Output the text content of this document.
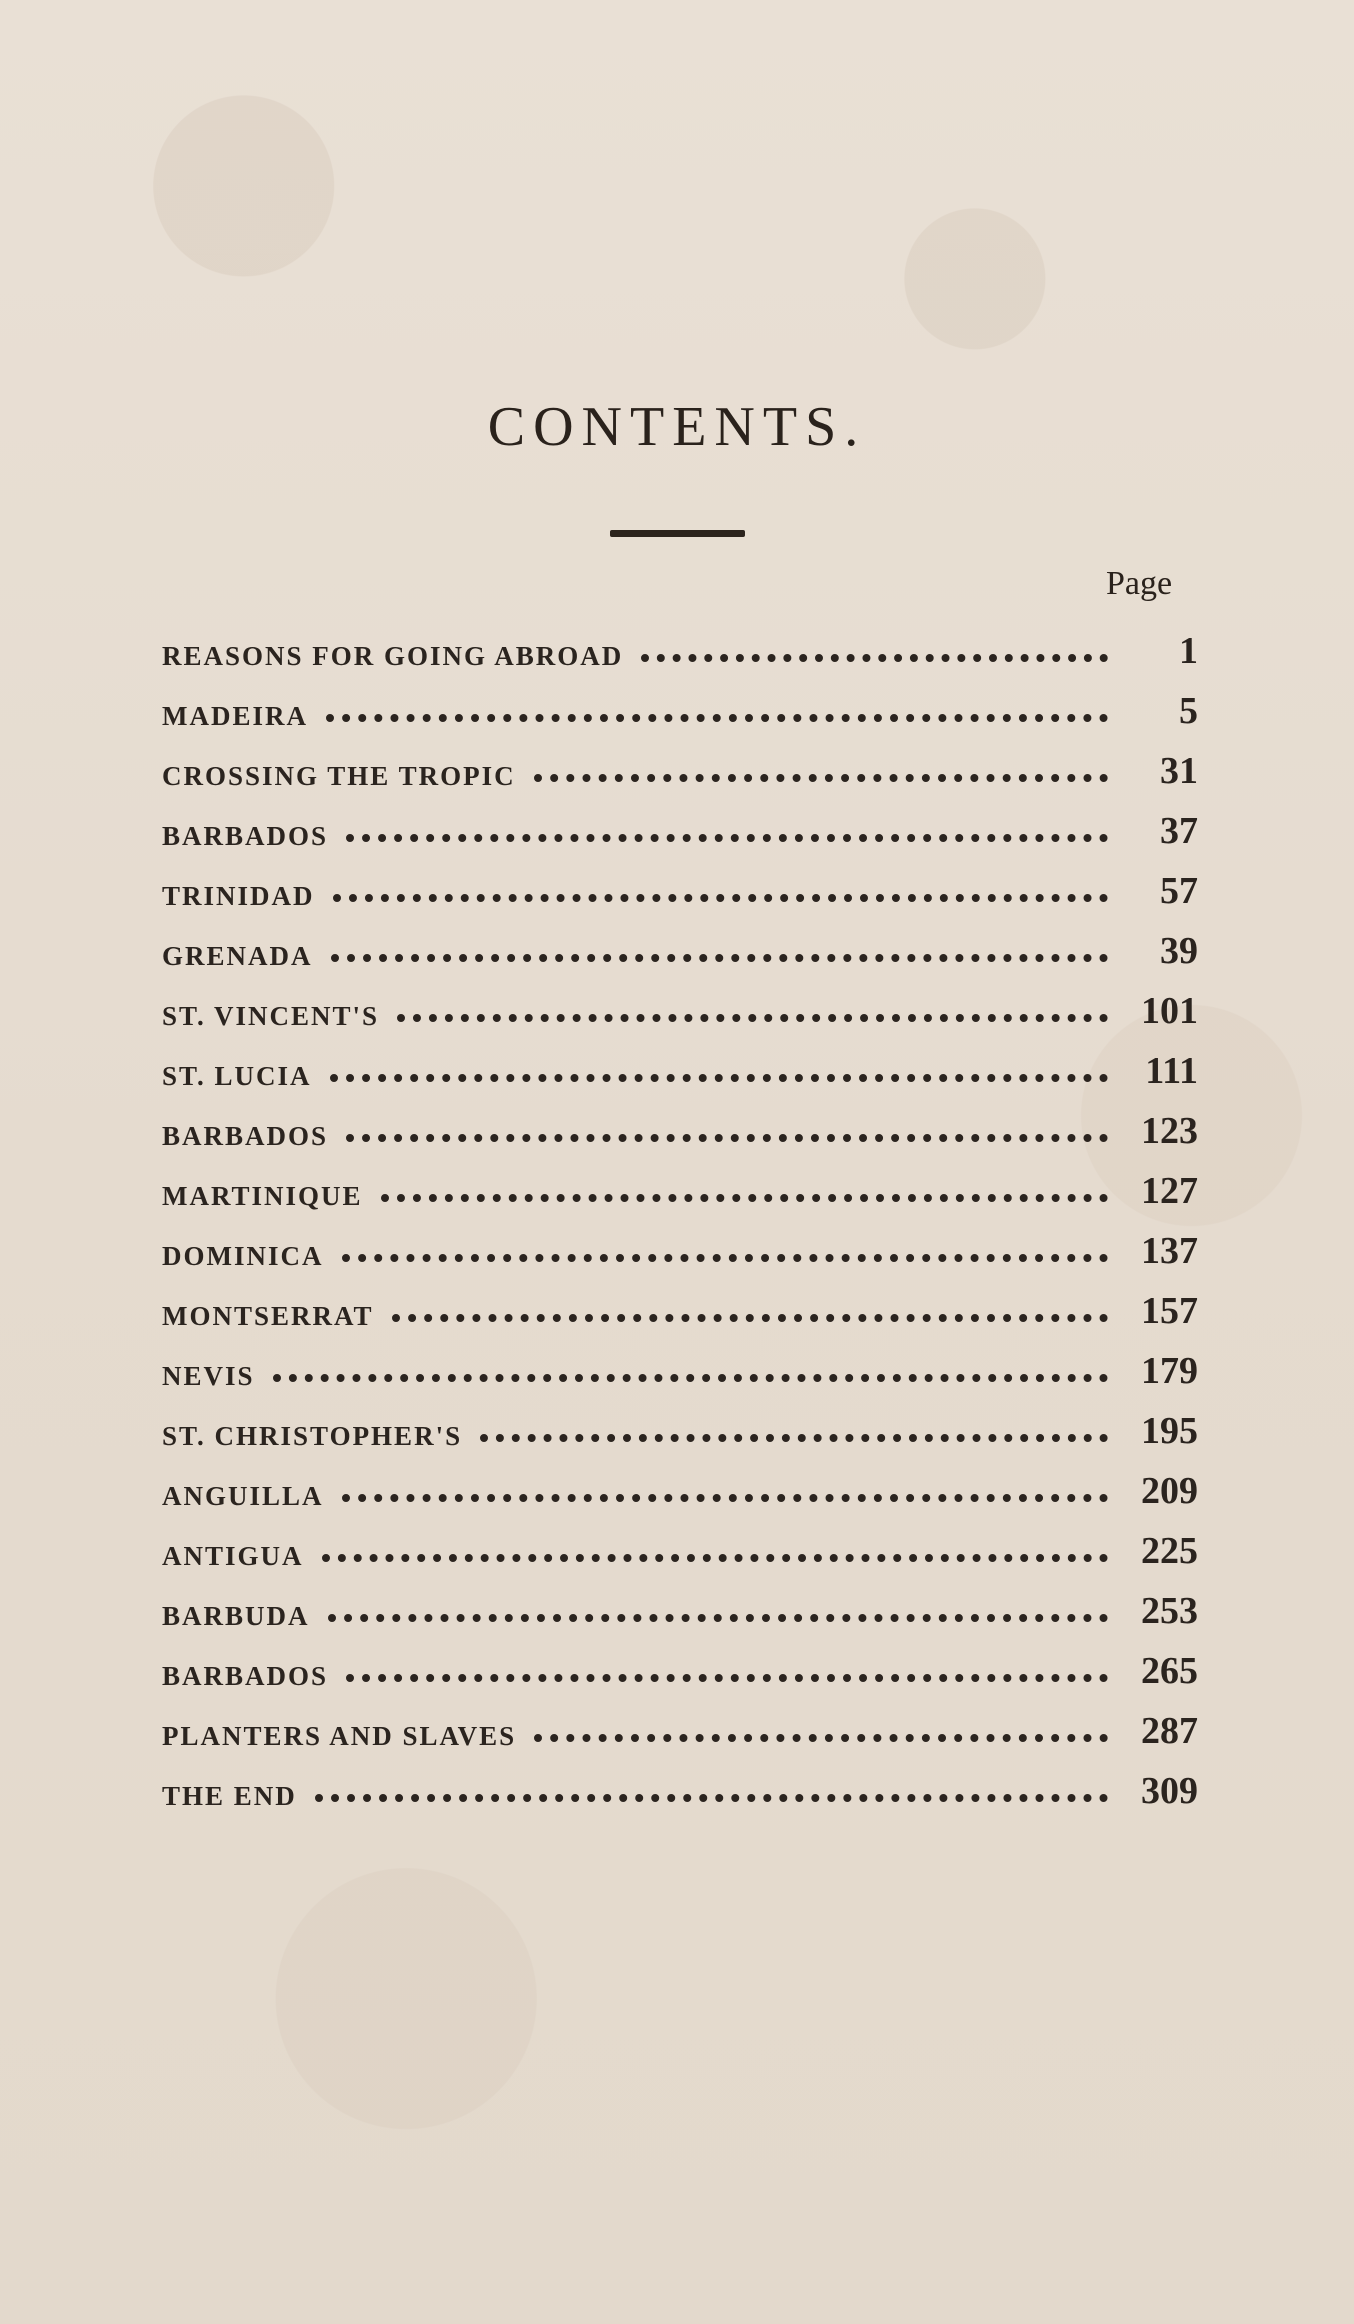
CONTENTS.
Page
REASONS FOR GOING ABROAD	1
MADEIRA	5
CROSSING THE TROPIC	31
BARBADOS	37
TRINIDAD	57
GRENADA	39
ST. VINCENT'S	101
ST. LUCIA	111
BARBADOS	123
MARTINIQUE	127
DOMINICA	137
MONTSERRAT	157
NEVIS	179
ST. CHRISTOPHER'S	195
ANGUILLA	209
ANTIGUA	225
BARBUDA	253
BARBADOS	265
PLANTERS AND SLAVES	287
THE END	309
